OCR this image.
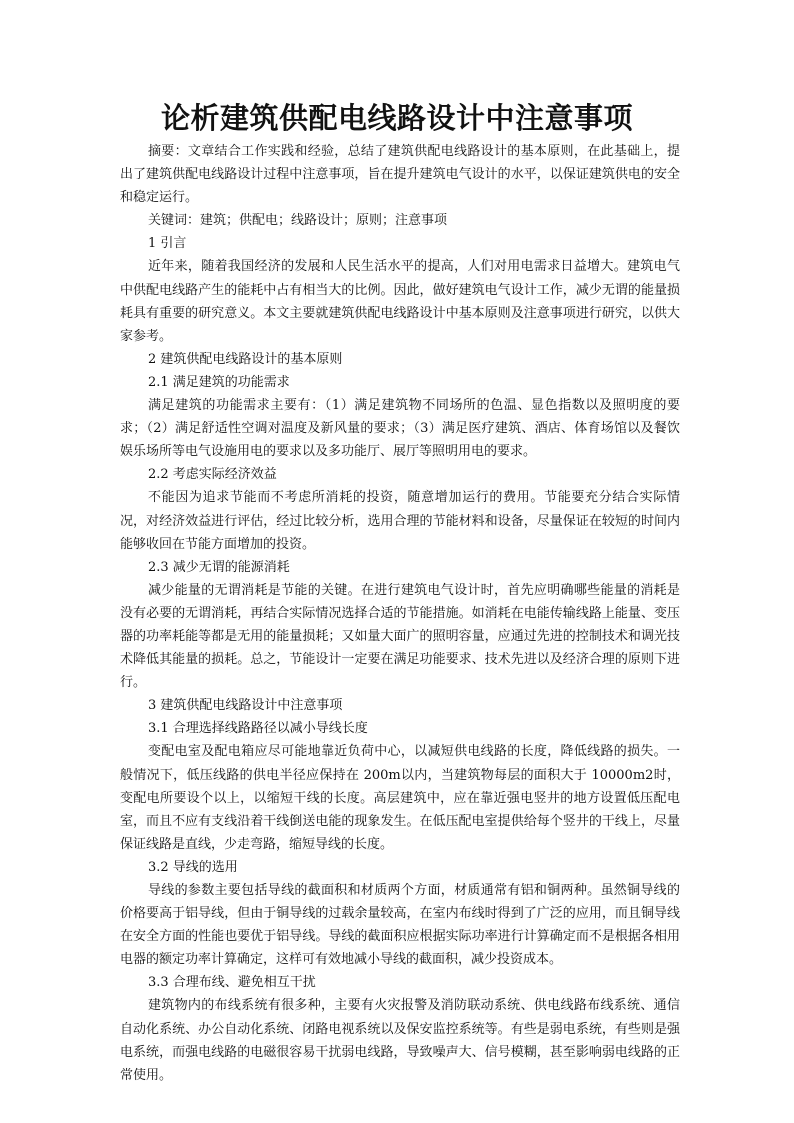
论析建筑供配电线路设计中注意事项

摘要：文章结合工作实践和经验，总结了建筑供配电线路设计的基本原则，在此基础上，提出了建筑供配电线路设计过程中注意事项，旨在提升建筑电气设计的水平，以保证建筑供电的安全和稳定运行。

关键词：建筑；供配电；线路设计；原则；注意事项

1 引言

近年来，随着我国经济的发展和人民生活水平的提高，人们对用电需求日益增大。建筑电气中供配电线路产生的能耗中占有相当大的比例。因此，做好建筑电气设计工作，减少无谓的能量损耗具有重要的研究意义。本文主要就建筑供配电线路设计中基本原则及注意事项进行研究，以供大家参考。

2 建筑供配电线路设计的基本原则

2.1 满足建筑的功能需求

满足建筑的功能需求主要有：（1）满足建筑物不同场所的色温、显色指数以及照明度的要求；（2）满足舒适性空调对温度及新风量的要求；（3）满足医疗建筑、酒店、体育场馆以及餐饮娱乐场所等电气设施用电的要求以及多功能厅、展厅等照明用电的要求。

2.2 考虑实际经济效益

不能因为追求节能而不考虑所消耗的投资，随意增加运行的费用。节能要充分结合实际情况，对经济效益进行评估，经过比较分析，选用合理的节能材料和设备，尽量保证在较短的时间内能够收回在节能方面增加的投资。

2.3 减少无谓的能源消耗

减少能量的无谓消耗是节能的关键。在进行建筑电气设计时，首先应明确哪些能量的消耗是没有必要的无谓消耗，再结合实际情况选择合适的节能措施。如消耗在电能传输线路上能量、变压器的功率耗能等都是无用的能量损耗；又如量大面广的照明容量，应通过先进的控制技术和调光技术降低其能量的损耗。总之，节能设计一定要在满足功能要求、技术先进以及经济合理的原则下进行。

3 建筑供配电线路设计中注意事项

3.1 合理选择线路路径以减小导线长度

变配电室及配电箱应尽可能地靠近负荷中心，以减短供电线路的长度，降低线路的损失。一般情况下，低压线路的供电半径应保持在 200m以内，当建筑物每层的面积大于 10000m2时，变配电所要设个以上，以缩短干线的长度。高层建筑中，应在靠近强电竖井的地方设置低压配电室，而且不应有支线沿着干线倒送电能的现象发生。在低压配电室提供给每个竖井的干线上，尽量保证线路是直线，少走弯路，缩短导线的长度。

3.2 导线的选用

导线的参数主要包括导线的截面积和材质两个方面，材质通常有铝和铜两种。虽然铜导线的价格要高于铝导线，但由于铜导线的过载余量较高，在室内布线时得到了广泛的应用，而且铜导线在安全方面的性能也要优于铝导线。导线的截面积应根据实际功率进行计算确定而不是根据各相用电器的额定功率计算确定，这样可有效地减小导线的截面积，减少投资成本。

3.3 合理布线、避免相互干扰

建筑物内的布线系统有很多种，主要有火灾报警及消防联动系统、供电线路布线系统、通信自动化系统、办公自动化系统、闭路电视系统以及保安监控系统等。有些是弱电系统，有些则是强电系统，而强电线路的电磁很容易干扰弱电线路，导致噪声大、信号模糊，甚至影响弱电线路的正常使用。
